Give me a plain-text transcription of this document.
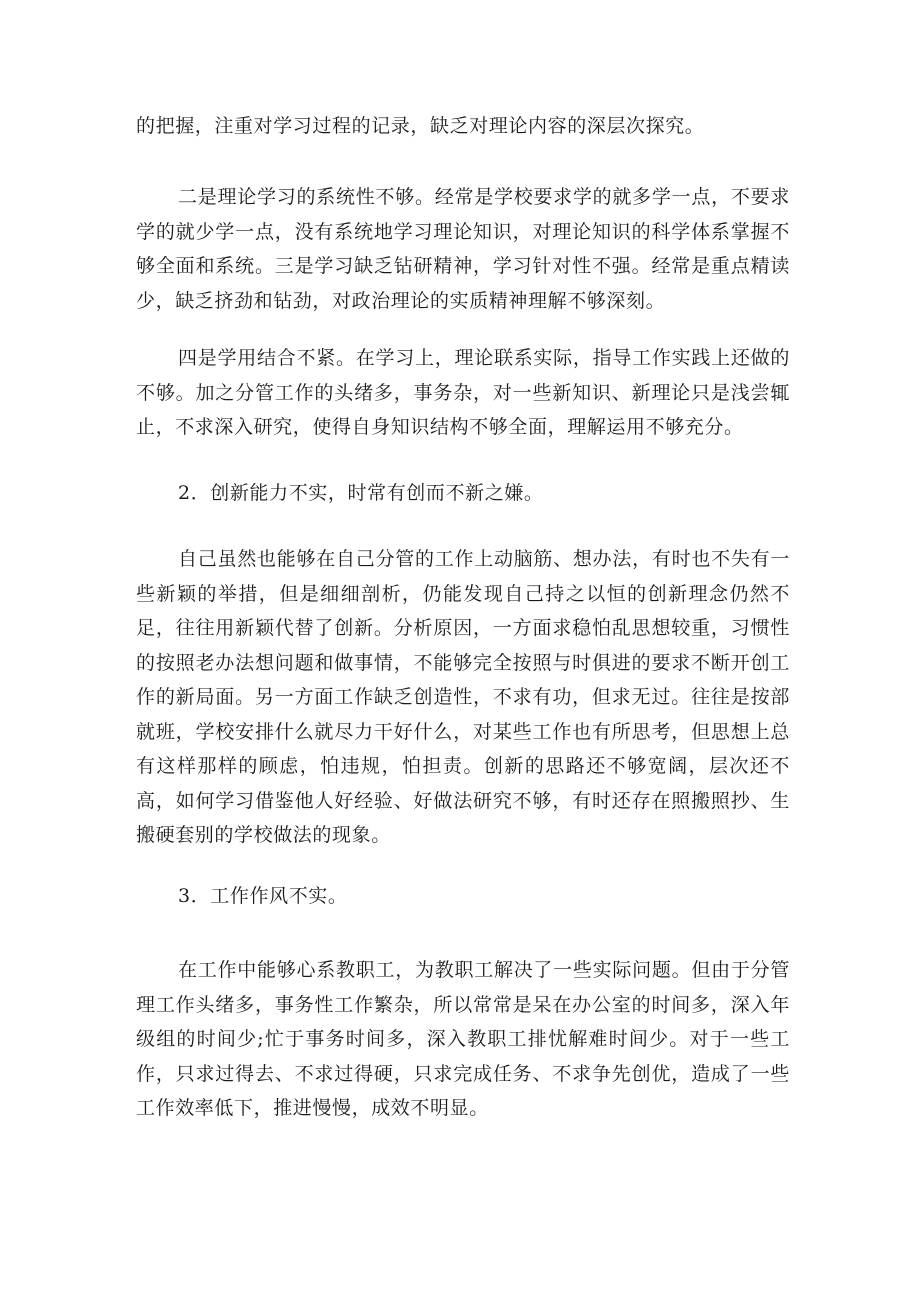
的把握，注重对学习过程的记录，缺乏对理论内容的深层次探究。

二是理论学习的系统性不够。经常是学校要求学的就多学一点，不要求学的就少学一点，没有系统地学习理论知识，对理论知识的科学体系掌握不够全面和系统。三是学习缺乏钻研精神，学习针对性不强。经常是重点精读少，缺乏挤劲和钻劲，对政治理论的实质精神理解不够深刻。

四是学用结合不紧。在学习上，理论联系实际，指导工作实践上还做的不够。加之分管工作的头绪多，事务杂，对一些新知识、新理论只是浅尝辄止，不求深入研究，使得自身知识结构不够全面，理解运用不够充分。

2．创新能力不实，时常有创而不新之嫌。

自己虽然也能够在自己分管的工作上动脑筋、想办法，有时也不失有一些新颖的举措，但是细细剖析，仍能发现自己持之以恒的创新理念仍然不足，往往用新颖代替了创新。分析原因，一方面求稳怕乱思想较重，习惯性的按照老办法想问题和做事情，不能够完全按照与时俱进的要求不断开创工作的新局面。另一方面工作缺乏创造性，不求有功，但求无过。往往是按部就班，学校安排什么就尽力干好什么，对某些工作也有所思考，但思想上总有这样那样的顾虑，怕违规，怕担责。创新的思路还不够宽阔，层次还不高，如何学习借鉴他人好经验、好做法研究不够，有时还存在照搬照抄、生搬硬套别的学校做法的现象。

3．工作作风不实。

在工作中能够心系教职工，为教职工解决了一些实际问题。但由于分管理工作头绪多，事务性工作繁杂，所以常常是呆在办公室的时间多，深入年级组的时间少;忙于事务时间多，深入教职工排忧解难时间少。对于一些工作，只求过得去、不求过得硬，只求完成任务、不求争先创优，造成了一些工作效率低下，推进慢慢，成效不明显。
